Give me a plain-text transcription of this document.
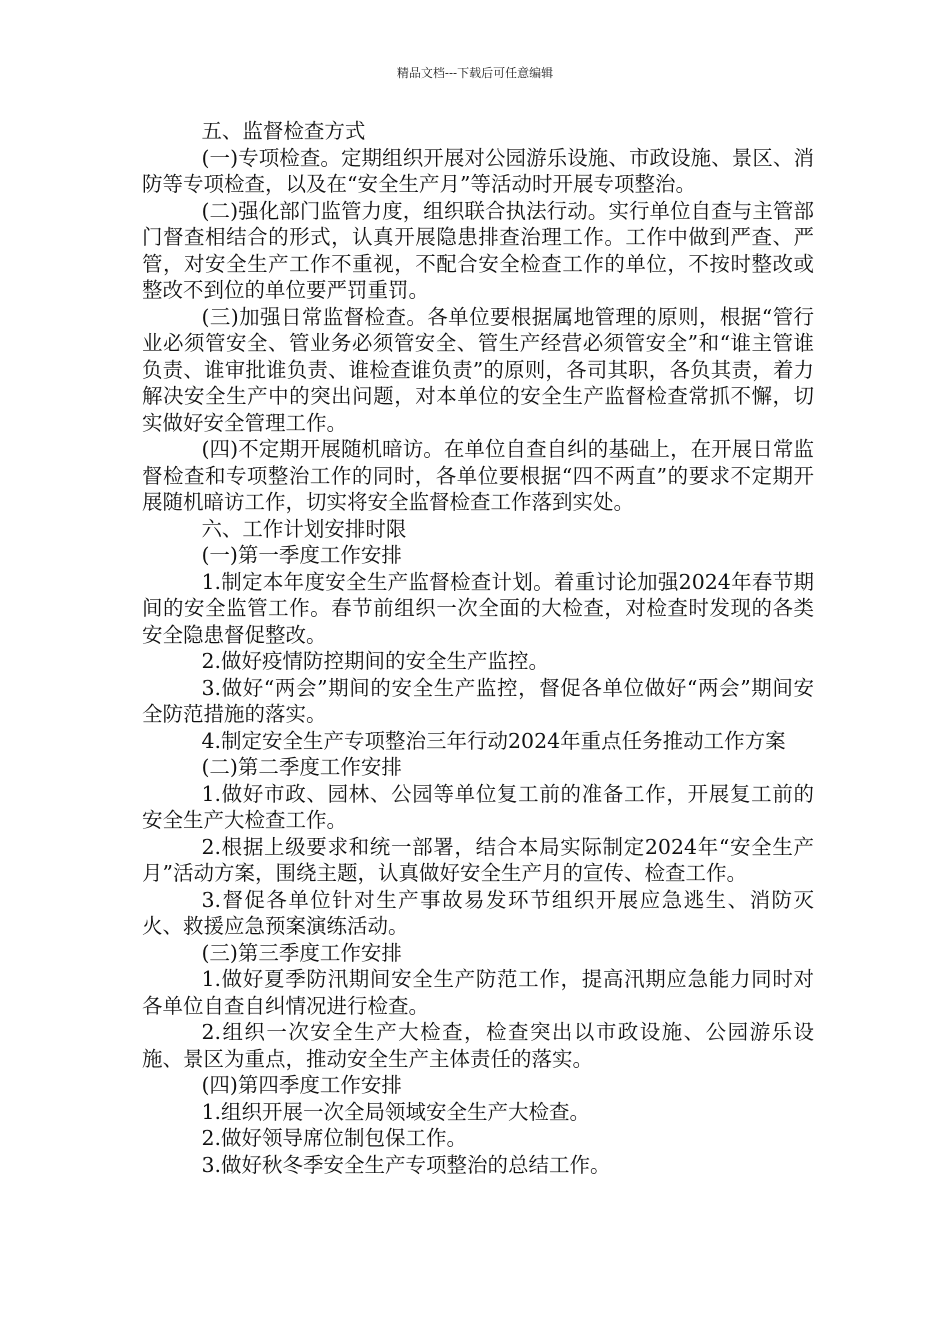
精品文档---下载后可任意编辑

五、监督检查方式

(一)专项检查。定期组织开展对公园游乐设施、市政设施、景区、消防等专项检查，以及在“安全生产月”等活动时开展专项整治。

(二)强化部门监管力度，组织联合执法行动。实行单位自查与主管部门督查相结合的形式，认真开展隐患排查治理工作。工作中做到严查、严管，对安全生产工作不重视，不配合安全检查工作的单位，不按时整改或整改不到位的单位要严罚重罚。

(三)加强日常监督检查。各单位要根据属地管理的原则，根据“管行业必须管安全、管业务必须管安全、管生产经营必须管安全”和“谁主管谁负责、谁审批谁负责、谁检查谁负责”的原则，各司其职，各负其责，着力解决安全生产中的突出问题，对本单位的安全生产监督检查常抓不懈，切实做好安全管理工作。

(四)不定期开展随机暗访。在单位自查自纠的基础上，在开展日常监督检查和专项整治工作的同时，各单位要根据“四不两直”的要求不定期开展随机暗访工作，切实将安全监督检查工作落到实处。

六、工作计划安排时限

(一)第一季度工作安排

1.制定本年度安全生产监督检查计划。着重讨论加强2024年春节期间的安全监管工作。春节前组织一次全面的大检查，对检查时发现的各类安全隐患督促整改。

2.做好疫情防控期间的安全生产监控。

3.做好“两会”期间的安全生产监控，督促各单位做好“两会”期间安全防范措施的落实。

4.制定安全生产专项整治三年行动2024年重点任务推动工作方案

(二)第二季度工作安排

1.做好市政、园林、公园等单位复工前的准备工作，开展复工前的安全生产大检查工作。

2.根据上级要求和统一部署，结合本局实际制定2024年“安全生产月”活动方案，围绕主题，认真做好安全生产月的宣传、检查工作。

3.督促各单位针对生产事故易发环节组织开展应急逃生、消防灭火、救援应急预案演练活动。

(三)第三季度工作安排

1.做好夏季防汛期间安全生产防范工作，提高汛期应急能力同时对各单位自查自纠情况进行检查。

2.组织一次安全生产大检查，检查突出以市政设施、公园游乐设施、景区为重点，推动安全生产主体责任的落实。

(四)第四季度工作安排

1.组织开展一次全局领域安全生产大检查。

2.做好领导席位制包保工作。

3.做好秋冬季安全生产专项整治的总结工作。
